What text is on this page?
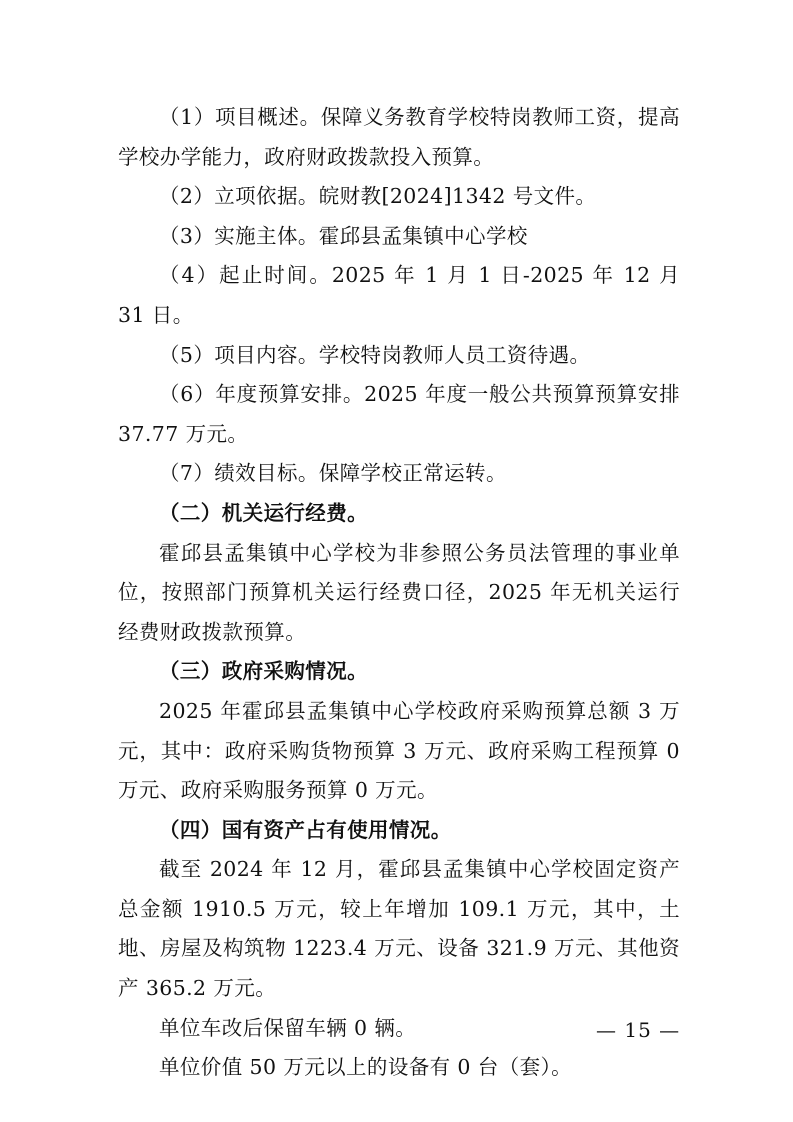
（1）项目概述。保障义务教育学校特岗教师工资，提高学校办学能力，政府财政拨款投入预算。

（2）立项依据。皖财教[2024]1342 号文件。

（3）实施主体。霍邱县孟集镇中心学校

（4）起止时间。2025 年 1 月 1 日-2025 年 12 月 31 日。

（5）项目内容。学校特岗教师人员工资待遇。

（6）年度预算安排。2025 年度一般公共预算预算安排 37.77 万元。

（7）绩效目标。保障学校正常运转。

（二）机关运行经费。

霍邱县孟集镇中心学校为非参照公务员法管理的事业单位，按照部门预算机关运行经费口径，2025 年无机关运行经费财政拨款预算。

（三）政府采购情况。

2025 年霍邱县孟集镇中心学校政府采购预算总额 3 万元，其中：政府采购货物预算 3 万元、政府采购工程预算 0 万元、政府采购服务预算 0 万元。

（四）国有资产占有使用情况。

截至 2024 年 12 月，霍邱县孟集镇中心学校固定资产总金额 1910.5 万元，较上年增加 109.1 万元，其中，土地、房屋及构筑物 1223.4 万元、设备 321.9 万元、其他资产 365.2 万元。

单位车改后保留车辆 0 辆。

单位价值 50 万元以上的设备有 0 台（套）。

— 15 —
